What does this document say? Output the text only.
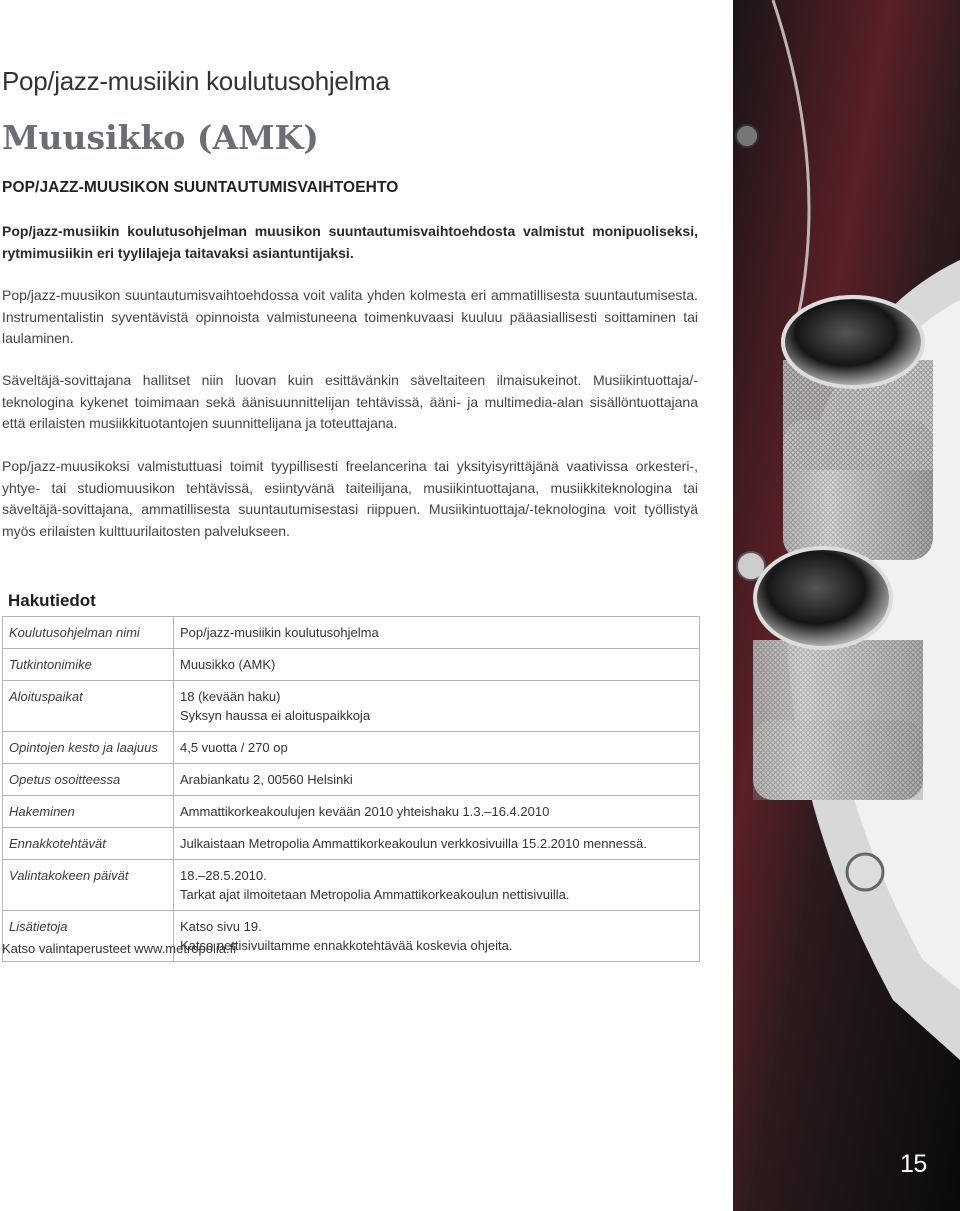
Pop/jazz-musiikin koulutusohjelma
Muusikko (AMK)
POP/JAZZ-MUUSIKON SUUNTAUTUMISVAIHTOEHTO

Pop/jazz-musiikin koulutusohjelman muusikon suuntautumisvaihtoehdosta valmistut monipuoliseksi, rytmimusiikin eri tyylilajeja taitavaksi asiantuntijaksi.

Pop/jazz-muusikon suuntautumisvaihtoehdossa voit valita yhden kolmesta eri ammatillisesta suuntautumisesta. Instrumentalistin syventävistä opinnoista valmistuneena toimenkuvaasi kuuluu pääasiallisesti soittaminen tai laulaminen.

Säveltäjä-sovittajana hallitset niin luovan kuin esittävänkin säveltaiteen ilmaisukeinot. Musiikintuottaja/-teknologina kykenet toimimaan sekä äänisuunnittelijan tehtävissä, ääni- ja multimedia-alan sisällöntuottajana että erilaisten musiikkituotantojen suunnittelijana ja toteuttajana.

Pop/jazz-muusikoksi valmistuttuasi toimit tyypillisesti freelancerina tai yksityisyrittäjänä vaativissa orkesteri-, yhtye- tai studiomuusikon tehtävissä, esiintyvänä taiteilijana, musiikintuottajana, musiikkiteknologina tai säveltäjä-sovittajana, ammatillisesta suuntautumisestasi riippuen. Musiikintuottaja/-teknologina voit työllistyä myös erilaisten kulttuurilaitosten palvelukseen.

Hakutiedot
Koulutusohjelman nimi	Pop/jazz-musiikin koulutusohjelma

Tutkintonimike	Muusikko (AMK)

Aloituspaikat	18 (kevään haku)
Syksyn haussa ei aloituspaikkoja

Opintojen kesto ja laajuus	4,5 vuotta / 270 op

Opetus osoitteessa	Arabiankatu 2, 00560 Helsinki

Hakeminen	Ammattikorkeakoulujen kevään 2010 yhteishaku 1.3.–16.4.2010

Ennakkotehtävät	Julkaistaan Metropolia Ammattikorkeakoulun verkkosivuilla 15.2.2010 mennessä.

Valintakokeen päivät	18.–28.5.2010.
Tarkat ajat ilmoitetaan Metropolia Ammattikorkeakoulun nettisivuilla.

Lisätietoja	Katso sivu 19.
Katso nettisivuiltamme ennakkotehtävää koskevia ohjeita.

Katso valintaperusteet www.metropolia.fi

15
